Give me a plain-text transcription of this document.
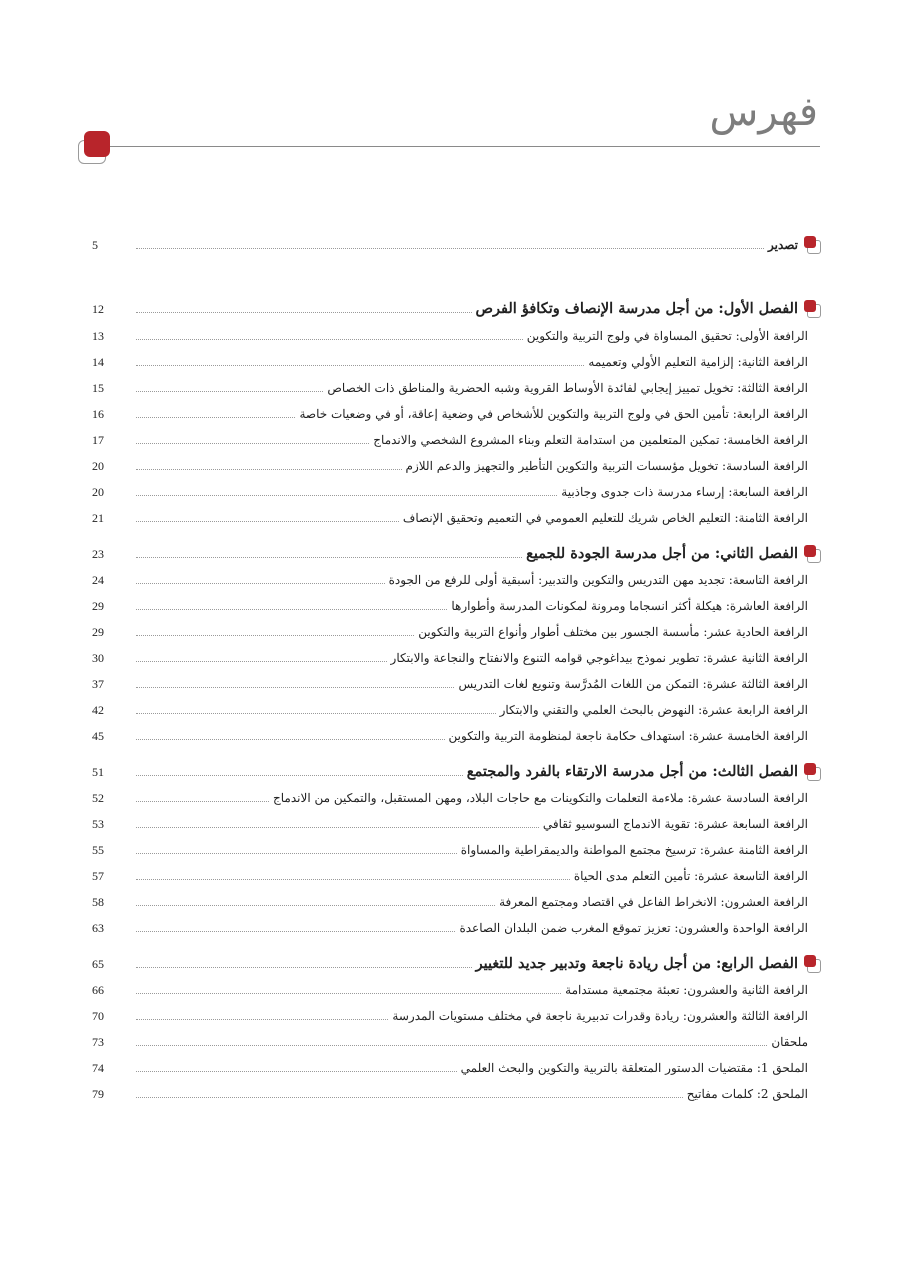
فهرس
5	تصدير
12	الفصل الأول: من أجل مدرسة الإنصاف وتكافؤ الفرص
13	الرافعة الأولى: تحقيق المساواة في ولوج التربية والتكوين
14	الرافعة الثانية: إلزامية التعليم الأولي وتعميمه
15	الرافعة الثالثة: تخويل تمييز إيجابي لفائدة الأوساط القروية وشبه الحضرية والمناطق ذات الخصاص
16	الرافعة الرابعة: تأمين الحق في ولوج التربية والتكوين للأشخاص في وضعية إعاقة، أو في وضعيات خاصة
17	الرافعة الخامسة: تمكين المتعلمين من استدامة التعلم وبناء المشروع الشخصي والاندماج
20	الرافعة السادسة: تخويل مؤسسات التربية والتكوين التأطير والتجهيز والدعم اللازم
20	الرافعة السابعة: إرساء مدرسة ذات جدوى وجاذبية
21	الرافعة الثامنة: التعليم الخاص شريك للتعليم العمومي في التعميم وتحقيق الإنصاف
23	الفصل الثاني: من أجل مدرسة الجودة للجميع
24	الرافعة التاسعة: تجديد مهن التدريس والتكوين والتدبير: أسبقية أولى للرفع من الجودة
29	الرافعة العاشرة: هيكلة أكثر انسجاما ومرونة لمكونات المدرسة وأطوارها
29	الرافعة الحادية عشر: مأسسة الجسور بين مختلف أطوار وأنواع التربية والتكوين
30	الرافعة الثانية عشرة: تطوير نموذج بيداغوجي قوامه التنوع والانفتاح والنجاعة والابتكار
37	الرافعة الثالثة عشرة: التمكن من اللغات المُدرَّسة وتنويع لغات التدريس
42	الرافعة الرابعة عشرة: النهوض بالبحث العلمي والتقني والابتكار
45	الرافعة الخامسة عشرة: استهداف حكامة ناجعة لمنظومة التربية والتكوين
51	الفصل الثالث: من أجل مدرسة الارتقاء بالفرد والمجتمع
52	الرافعة السادسة عشرة: ملاءمة التعلمات والتكوينات مع حاجات البلاد، ومهن المستقبل، والتمكين من الاندماج
53	الرافعة السابعة عشرة: تقوية الاندماج السوسيو ثقافي
55	الرافعة الثامنة عشرة: ترسيخ مجتمع المواطنة والديمقراطية والمساواة
57	الرافعة التاسعة عشرة: تأمين التعلم مدى الحياة
58	الرافعة العشرون: الانخراط الفاعل في اقتصاد ومجتمع المعرفة
63	الرافعة الواحدة والعشرون: تعزيز تموقع المغرب ضمن البلدان الصاعدة
65	الفصل الرابع: من أجل ريادة ناجعة وتدبير جديد للتغيير
66	الرافعة الثانية والعشرون: تعبئة مجتمعية مستدامة
70	الرافعة الثالثة والعشرون: ريادة وقدرات تدبيرية ناجعة في مختلف مستويات المدرسة
73	ملحقان
74	الملحق 1: مقتضيات الدستور المتعلقة بالتربية والتكوين والبحث العلمي
79	الملحق 2: كلمات مفاتيح
